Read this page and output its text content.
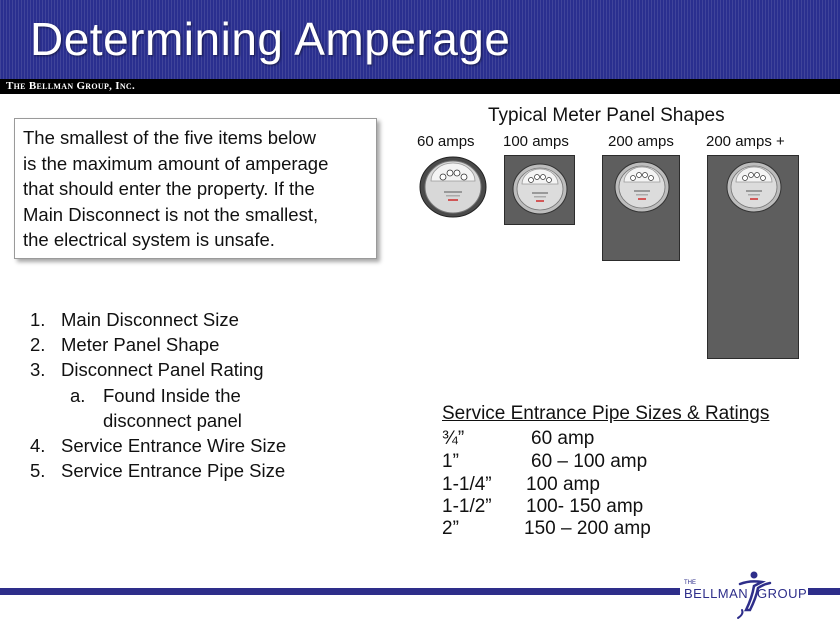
Determining Amperage
The Bellman Group, Inc.
The smallest of the five items below
is the maximum amount of amperage
that should enter the property. If the
Main Disconnect is not the smallest,
the electrical system is unsafe.
1. Main Disconnect Size
2. Meter Panel Shape
3. Disconnect Panel Rating
a. Found Inside the
disconnect panel
4. Service Entrance Wire Size
5. Service Entrance Pipe Size
Typical Meter Panel Shapes
60 amps 100 amps	200 amps 200 amps +
Service Entrance Pipe Sizes & Ratings
¾”	60 amp
1”	60 – 100 amp
1-1/4” 100 amp
1-1/2” 100- 150 amp
2”	150 – 200 amp
THE
BELLMAN GROUP
